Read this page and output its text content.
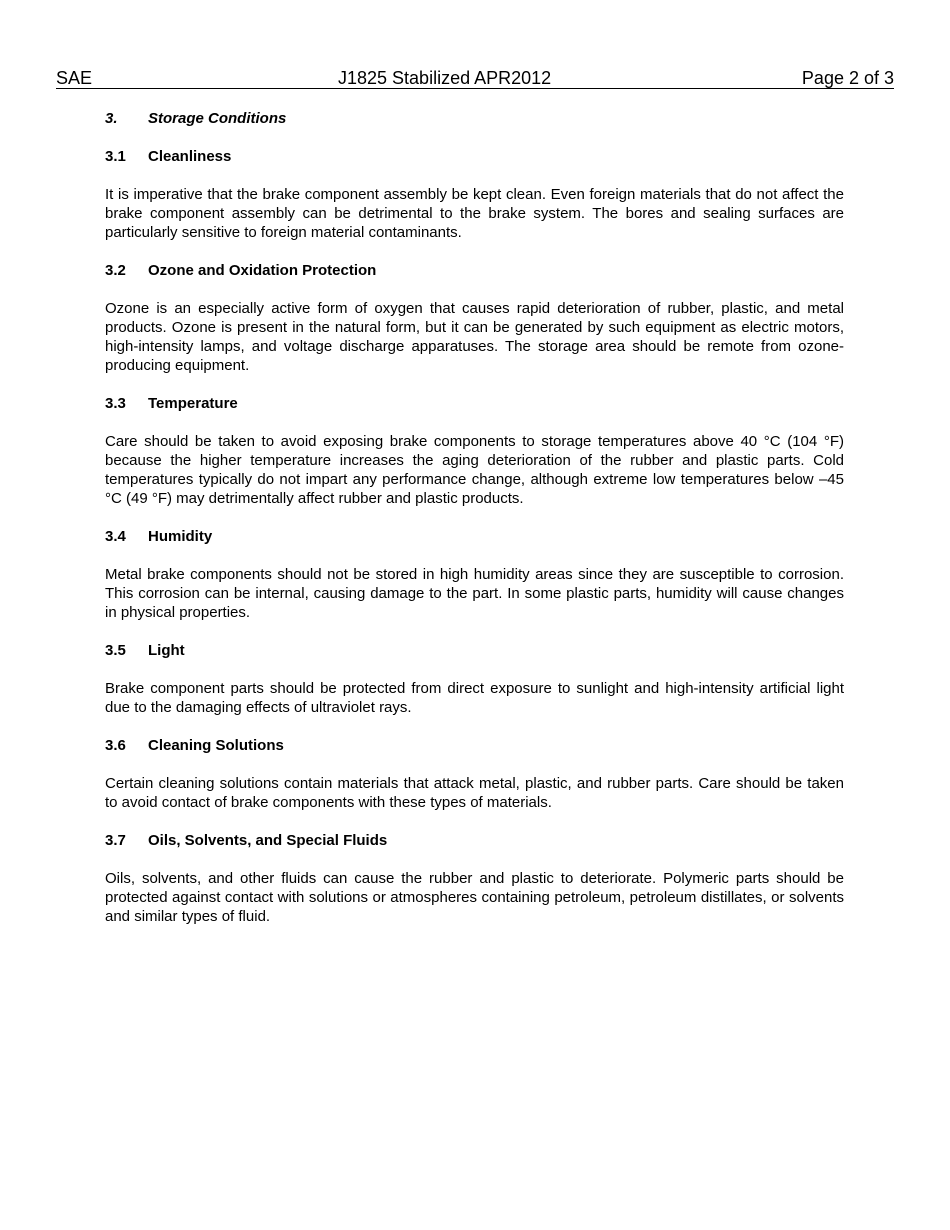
SAE	J1825 Stabilized APR2012	Page 2 of 3
3.	Storage Conditions
3.1	Cleanliness

It is imperative that the brake component assembly be kept clean. Even foreign materials that do not affect the brake component assembly can be detrimental to the brake system. The bores and sealing surfaces are particularly sensitive to foreign material contaminants.

3.2	Ozone and Oxidation Protection

Ozone is an especially active form of oxygen that causes rapid deterioration of rubber, plastic, and metal products. Ozone is present in the natural form, but it can be generated by such equipment as electric motors, high-intensity lamps, and voltage discharge apparatuses. The storage area should be remote from ozone-producing equipment.

3.3	Temperature

Care should be taken to avoid exposing brake components to storage temperatures above 40 °C (104 °F) because the higher temperature increases the aging deterioration of the rubber and plastic parts. Cold temperatures typically do not impart any performance change, although extreme low temperatures below –45 °C (49 °F) may detrimentally affect rubber and plastic products.

3.4	Humidity

Metal brake components should not be stored in high humidity areas since they are susceptible to corrosion. This corrosion can be internal, causing damage to the part. In some plastic parts, humidity will cause changes in physical properties.

3.5	Light

Brake component parts should be protected from direct exposure to sunlight and high-intensity artificial light due to the damaging effects of ultraviolet rays.

3.6	Cleaning Solutions

Certain cleaning solutions contain materials that attack metal, plastic, and rubber parts. Care should be taken to avoid contact of brake components with these types of materials.

3.7	Oils, Solvents, and Special Fluids

Oils, solvents, and other fluids can cause the rubber and plastic to deteriorate. Polymeric parts should be protected against contact with solutions or atmospheres containing petroleum, petroleum distillates, or solvents and similar types of fluid.
